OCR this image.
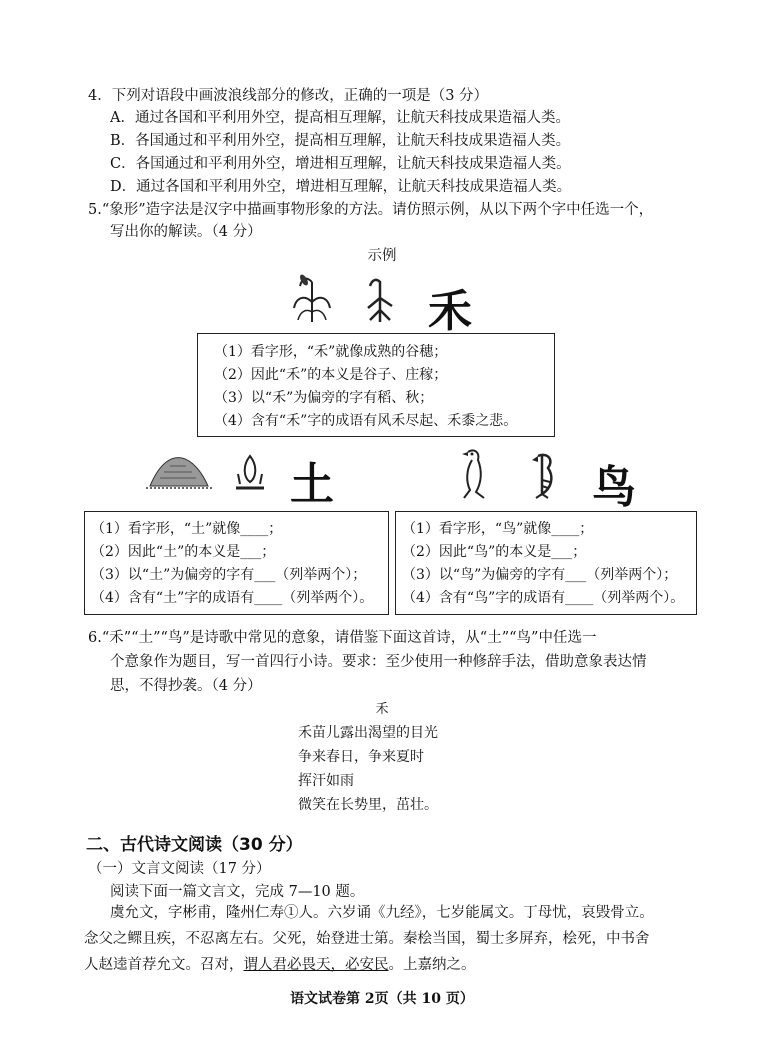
4．下列对语段中画波浪线部分的修改，正确的一项是（3 分）
A．通过各国和平利用外空，提高相互理解，让航天科技成果造福人类。
B．各国通过和平利用外空，提高相互理解，让航天科技成果造福人类。
C．各国通过和平利用外空，增进相互理解，让航天科技成果造福人类。
D．通过各国和平利用外空，增进相互理解，让航天科技成果造福人类。
5.“象形”造字法是汉字中描画事物形象的方法。请仿照示例，从以下两个字中任选一个，
写出你的解读。（4 分）
示例
禾
（1）看字形，“禾”就像成熟的谷穗；
（2）因此“禾”的本义是谷子、庄稼；
（3）以“禾”为偏旁的字有稻、秋；
（4）含有“禾”字的成语有风禾尽起、禾黍之悲。
土	鸟
（1）看字形，“土”就像____；
（2）因此“土”的本义是___；
（3）以“土”为偏旁的字有___（列举两个）；
（4）含有“土”字的成语有____（列举两个）。
（1）看字形，“鸟”就像____；
（2）因此“鸟”的本义是___；
（3）以“鸟”为偏旁的字有___（列举两个）；
（4）含有“鸟”字的成语有____（列举两个）。
6.“禾”“土”“鸟”是诗歌中常见的意象，请借鉴下面这首诗，从“土”“鸟”中任选一
个意象作为题目，写一首四行小诗。要求：至少使用一种修辞手法，借助意象表达情
思，不得抄袭。（4 分）
禾
禾苗儿露出渴望的目光
争来春日，争来夏时
挥汗如雨
微笑在长势里，茁壮。
二、古代诗文阅读（30 分）
（一）文言文阅读（17 分）
阅读下面一篇文言文，完成 7—10 题。
虞允文，字彬甫，隆州仁寿①人。六岁诵《九经》，七岁能属文。丁母忧，哀毁骨立。
念父之鳏且疾，不忍离左右。父死，始登进士第。秦桧当国，蜀士多屏弃，桧死，中书舍
人赵逵首荐允文。召对，谓人君必畏天，必安民。上嘉纳之。
语文试卷第 2页（共 10 页）
